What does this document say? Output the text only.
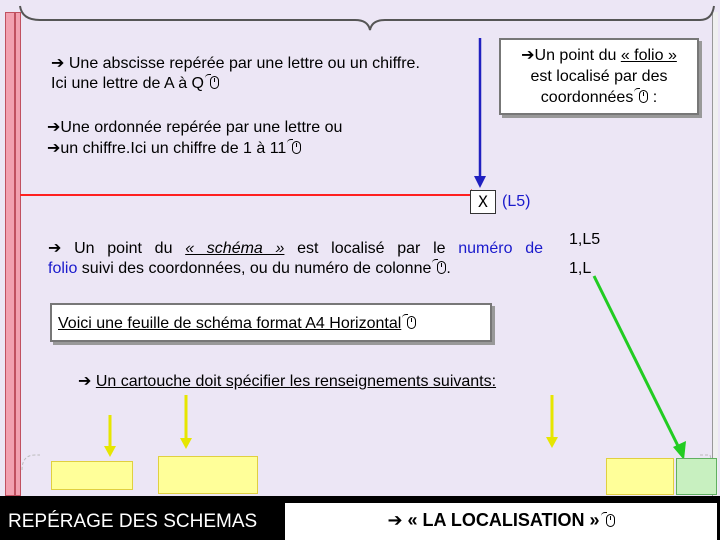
➔ Une abscisse repérée par une lettre ou un chiffre.
Ici une lettre de A à Q
➔Un point du « folio »
est localisé par des
coordonnées :
➔Une ordonnée repérée par une lettre ou
➔un chiffre.Ici un chiffre de 1 à 11
X (L5)
➔ Un point du « schéma » est localisé par le numéro de
folio suivi des coordonnées, ou du numéro de colonne .
1,L5
1,L
Voici une feuille de schéma format A4 Horizontal
➔ Un cartouche doit spécifier les renseignements suivants:
REPÉRAGE DES SCHEMAS	➔ « LA LOCALISATION »
